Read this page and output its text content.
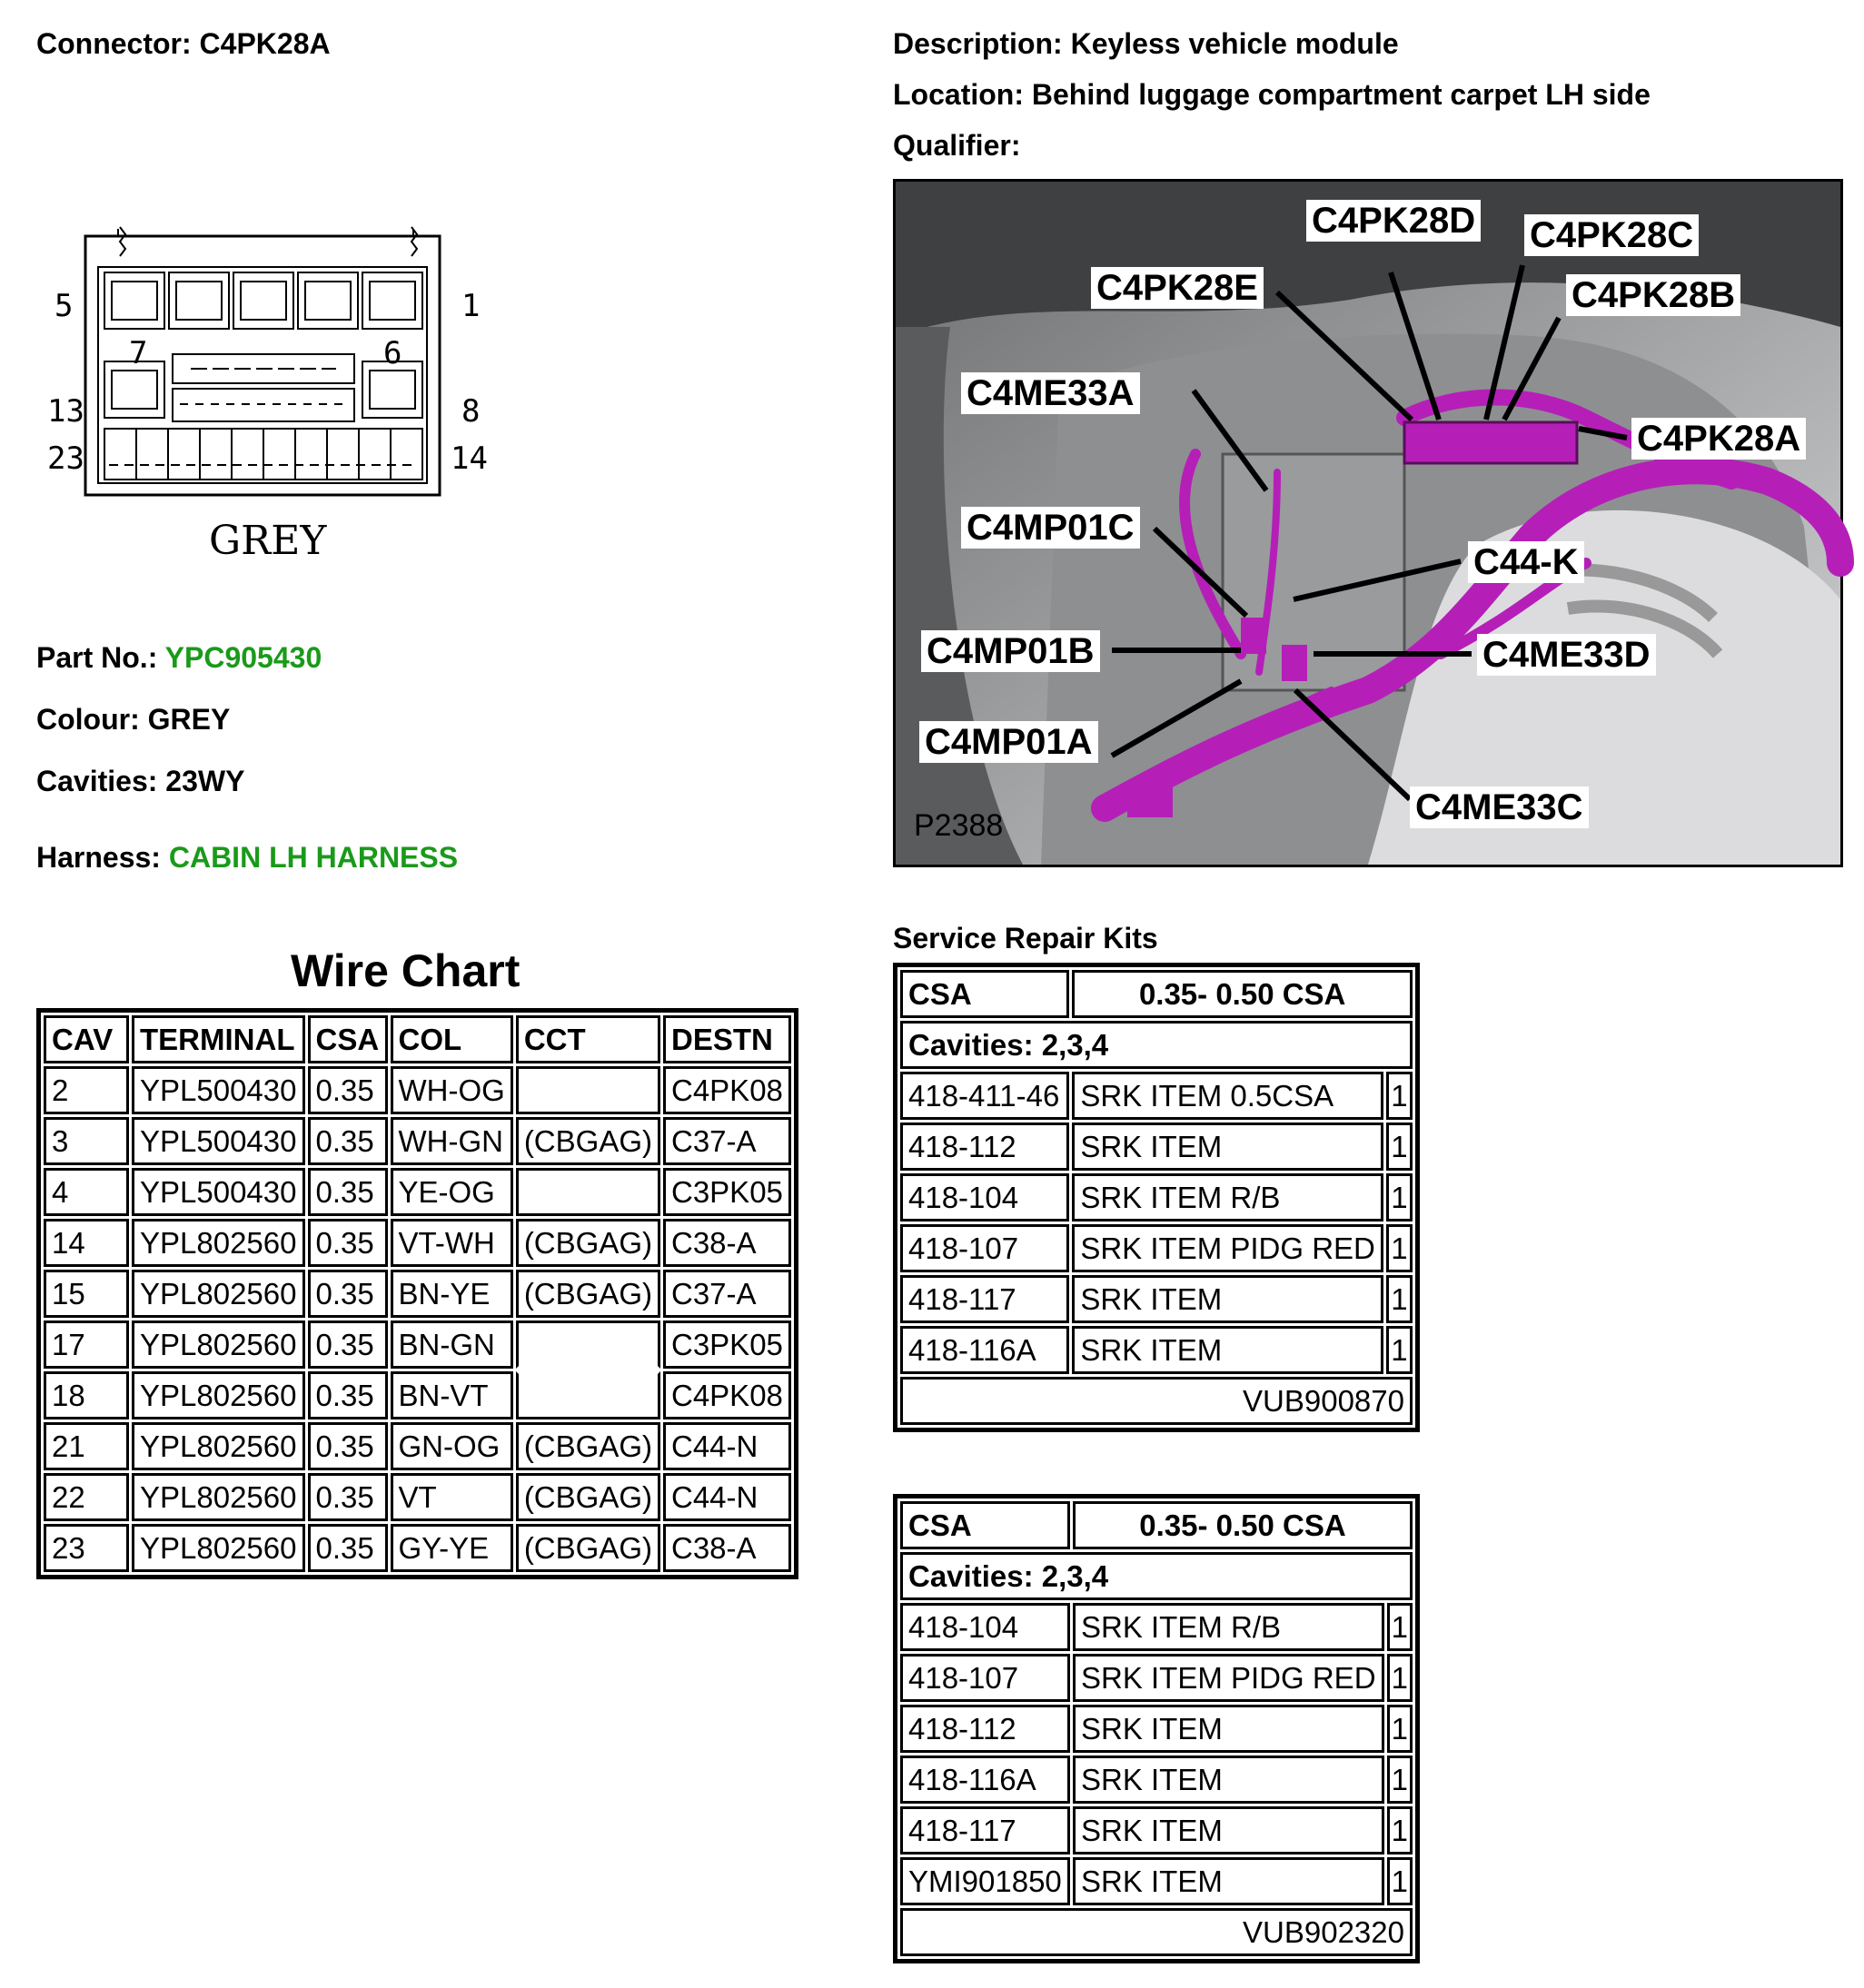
Connector: C4PK28A	Description: Keyless vehicle module
Location: Behind luggage compartment carpet LH side
Qualifier:
5	1
13	8
23	14
7	6
GREY
Part No.: YPC905430
Colour: GREY
Cavities: 23WY
Harness: CABIN LH HARNESS
C4PK28D C4PK28C
C4PK28E	C4PK28B
C4ME33A
C4PK28A
C4MP01C
C44-K
C4MP01B	C4ME33D
C4MP01A
C4ME33C
P2388
Wire Chart
CAV	TERMINAL	CSA	COL	CCT	DESTN
2	YPL500430	0.35	WH-OG		C4PK08
3	YPL500430	0.35	WH-GN	(CBGAG)	C37-A
4	YPL500430	0.35	YE-OG		C3PK05
14	YPL802560	0.35	VT-WH	(CBGAG)	C38-A
15	YPL802560	0.35	BN-YE	(CBGAG)	C37-A
17	YPL802560	0.35	BN-GN		C3PK05
18	YPL802560	0.35	BN-VT		C4PK08
21	YPL802560	0.35	GN-OG	(CBGAG)	C44-N
22	YPL802560	0.35	VT	(CBGAG)	C44-N
23	YPL802560	0.35	GY-YE	(CBGAG)	C38-A
Service Repair Kits
CSA	0.35- 0.50 CSA	
Cavities: 2,3,4		
418-411-46	SRK ITEM 0.5CSA	1
418-112	SRK ITEM	1
418-104	SRK ITEM R/B	1
418-107	SRK ITEM PIDG RED	1
418-117	SRK ITEM	1
418-116A	SRK ITEM	1
VUB900870		
CSA	0.35- 0.50 CSA	
Cavities: 2,3,4		
418-104	SRK ITEM R/B	1
418-107	SRK ITEM PIDG RED	1
418-112	SRK ITEM	1
418-116A	SRK ITEM	1
418-117	SRK ITEM	1
YMI901850	SRK ITEM	1
VUB902320		
